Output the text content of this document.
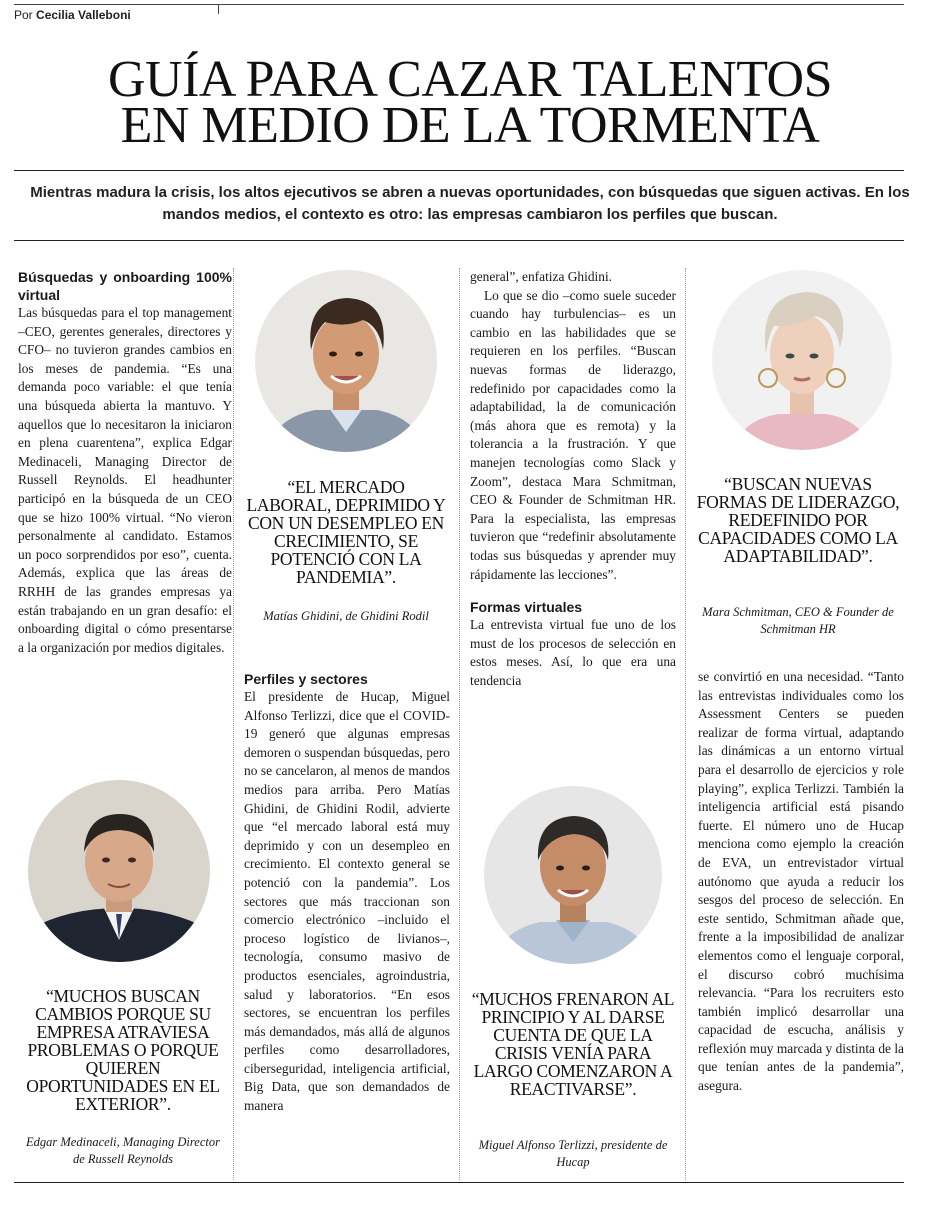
Por Cecilia Valleboni
GUÍA PARA CAZAR TALENTOS
EN MEDIO DE LA TORMENTA
Mientras madura la crisis, los altos ejecutivos se abren a nuevas oportunidades, con búsquedas que siguen activas. En los mandos medios, el contexto es otro: las empresas cambiaron los perfiles que buscan.

Búsquedas y onboarding 100% virtual

Las búsquedas para el top management –CEO, gerentes generales, directores y CFO– no tuvieron grandes cambios en los meses de pandemia. “Es una demanda poco variable: el que tenía una búsqueda abierta la mantuvo. Y aquellos que lo necesitaron la iniciaron en plena cuarentena”, explica Edgar Medinaceli, Managing Director de Russell Reynolds. El headhunter participó en la búsqueda de un CEO que se hizo 100% virtual. “No vieron personalmente al candidato. Estamos un poco sorprendidos por eso”, cuenta. Además, explica que las áreas de RRHH de las grandes empresas ya están trabajando en un gran desafío: el onboarding digital o cómo presentarse a la organización por medios digitales.

“MUCHOS BUSCAN CAMBIOS PORQUE SU EMPRESA ATRAVIESA PROBLEMAS O PORQUE QUIEREN OPORTUNIDADES EN EL EXTERIOR”.
Edgar Medinaceli, Managing Director de Russell Reynolds
“EL MERCADO LABORAL, DEPRIMIDO Y CON UN DESEMPLEO EN CRECIMIENTO, SE POTENCIÓ CON LA PANDEMIA”.
Matías Ghidini, de Ghidini Rodil

Perfiles y sectores

El presidente de Hucap, Miguel Alfonso Terlizzi, dice que el COVID-19 generó que algunas empresas demoren o suspendan búsquedas, pero no se cancelaron, al menos de mandos medios para arriba. Pero Matías Ghidini, de Ghidini Rodil, advierte que “el mercado laboral está muy deprimido y con un desempleo en crecimiento. El contexto general se potenció con la pandemia”. Los sectores que más traccionan son comercio electrónico –incluido el proceso logístico de livianos–, tecnología, consumo masivo de productos esenciales, agroindustria, salud y laboratorios. “En esos sectores, se encuentran los perfiles más demandados, más allá de algunos perfiles como desarrolladores, ciberseguridad, inteligencia artificial, Big Data, que son demandados de manera

general”, enfatiza Ghidini.

Lo que se dio –como suele suceder cuando hay turbulencias– es un cambio en las habilidades que se requieren en los perfiles. “Buscan nuevas formas de liderazgo, redefinido por capacidades como la adaptabilidad, la de comunicación (más ahora que es remota) y la tolerancia a la frustración. Y que manejen tecnologías como Slack y Zoom”, destaca Mara Schmitman, CEO & Founder de Schmitman HR. Para la especialista, las empresas tuvieron que “redefinir absolutamente todas sus búsquedas y aprender muy rápidamente las lecciones”.

Formas virtuales

La entrevista virtual fue uno de los must de los procesos de selección en estos meses. Así, lo que era una tendencia

“MUCHOS FRENARON AL PRINCIPIO Y AL DARSE CUENTA DE QUE LA CRISIS VENÍA PARA LARGO COMENZARON A REACTIVARSE”.
Miguel Alfonso Terlizzi, presidente de Hucap
“BUSCAN NUEVAS FORMAS DE LIDERAZGO, REDEFINIDO POR CAPACIDADES COMO LA ADAPTABILIDAD”.
Mara Schmitman, CEO & Founder de Schmitman HR

se convirtió en una necesidad. “Tanto las entrevistas individuales como los Assessment Centers se pueden realizar de forma virtual, adaptando las dinámicas a un entorno virtual para el desarrollo de ejercicios y role playing”, explica Terlizzi. También la inteligencia artificial está pisando fuerte. El número uno de Hucap menciona como ejemplo la creación de EVA, un entrevistador virtual autónomo que ayuda a reducir los sesgos del proceso de selección. En este sentido, Schmitman añade que, frente a la imposibilidad de analizar elementos como el lenguaje corporal, el discurso cobró muchísima relevancia. “Para los recruiters esto también implicó desarrollar una capacidad de escucha, análisis y reflexión muy marcada y distinta de la que tenían antes de la pandemia”, asegura.
